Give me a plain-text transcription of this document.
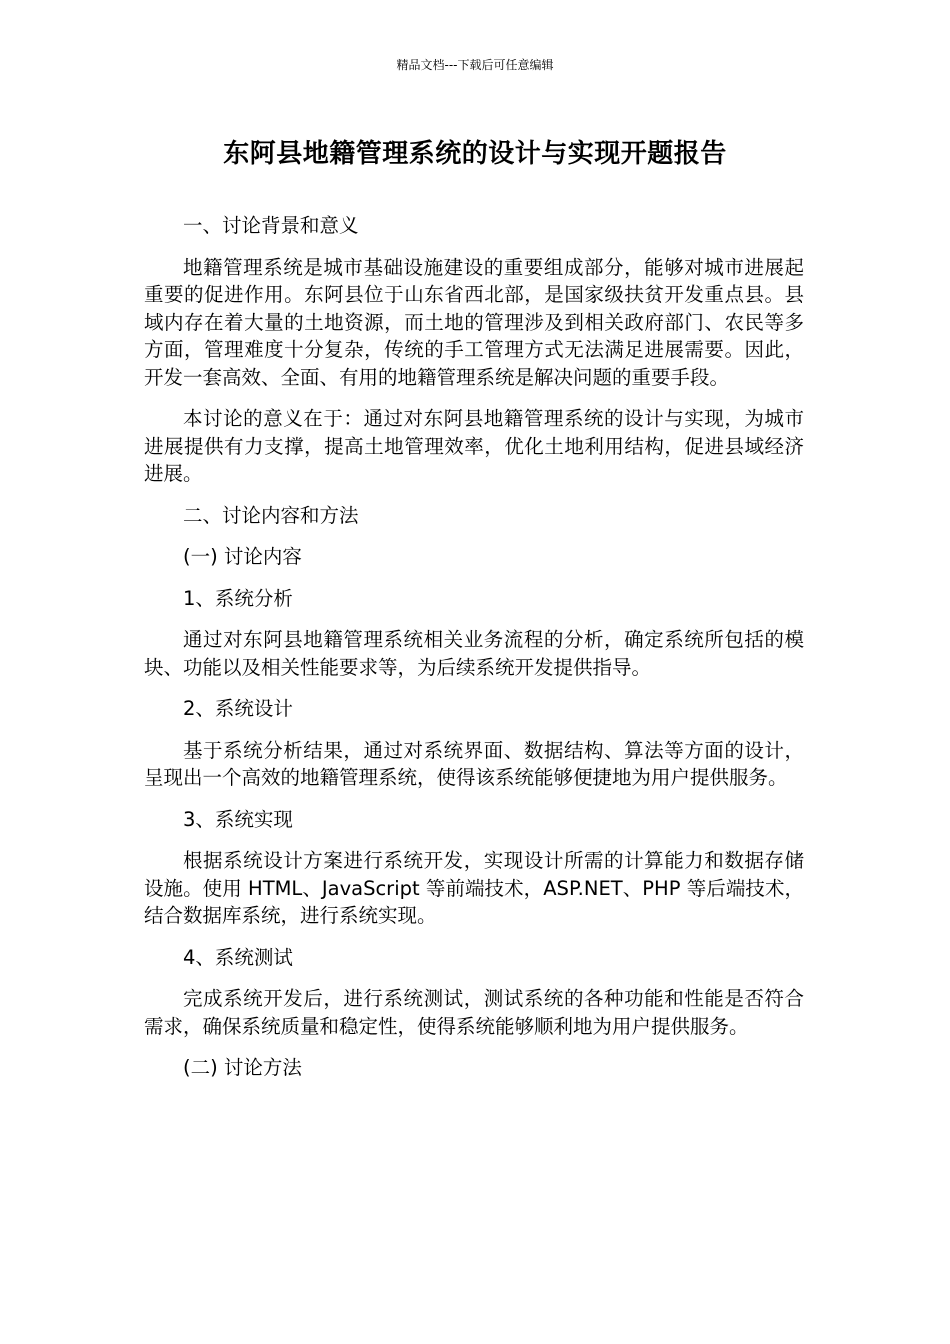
精品文档---下载后可任意编辑
东阿县地籍管理系统的设计与实现开题报告

一、讨论背景和意义

地籍管理系统是城市基础设施建设的重要组成部分，能够对城市进展起重要的促进作用。东阿县位于山东省西北部，是国家级扶贫开发重点县。县域内存在着大量的土地资源，而土地的管理涉及到相关政府部门、农民等多方面，管理难度十分复杂，传统的手工管理方式无法满足进展需要。因此，开发一套高效、全面、有用的地籍管理系统是解决问题的重要手段。

本讨论的意义在于：通过对东阿县地籍管理系统的设计与实现，为城市进展提供有力支撑，提高土地管理效率，优化土地利用结构，促进县域经济进展。

二、讨论内容和方法

(一) 讨论内容

1、系统分析

通过对东阿县地籍管理系统相关业务流程的分析，确定系统所包括的模块、功能以及相关性能要求等，为后续系统开发提供指导。

2、系统设计

基于系统分析结果，通过对系统界面、数据结构、算法等方面的设计，呈现出一个高效的地籍管理系统，使得该系统能够便捷地为用户提供服务。

3、系统实现

根据系统设计方案进行系统开发，实现设计所需的计算能力和数据存储设施。使用 HTML、JavaScript 等前端技术，ASP.NET、PHP 等后端技术，结合数据库系统，进行系统实现。

4、系统测试

完成系统开发后，进行系统测试，测试系统的各种功能和性能是否符合需求，确保系统质量和稳定性，使得系统能够顺利地为用户提供服务。

(二) 讨论方法
